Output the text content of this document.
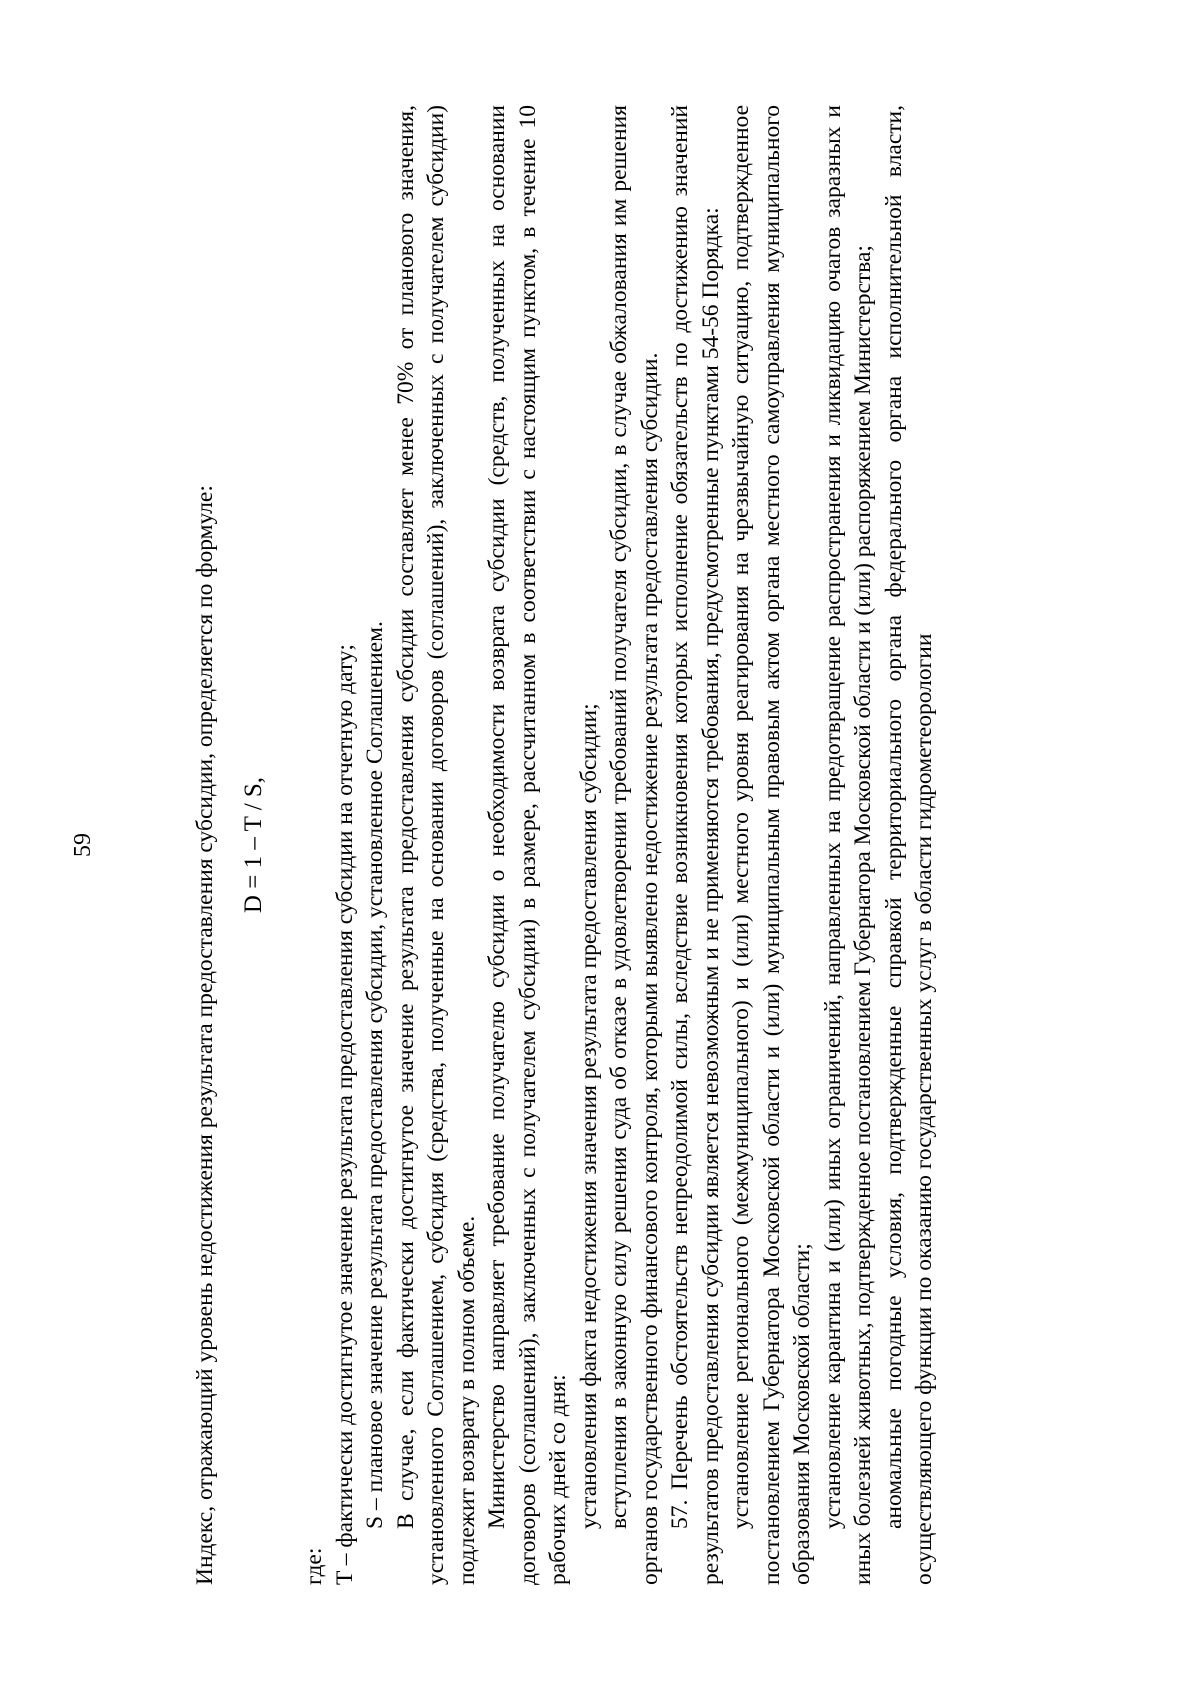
59	Индекс, отражающий уровень недостижения результата предоставления субсидии, определяется по формуле: D = 1 – T / S,

где: T – фактически достигнутое значение результата предоставления субсидии на отчетную дату; S – плановое значение результата предоставления субсидии, установленное Соглашением. В случае, если фактически достигнутое значение результата предоставления субсидии составляет менее 70% от планового значения, установленного Соглашением, субсидия (средства, полученные на основании договоров (соглашений), заключенных с получателем субсидии) подлежит возврату в полном объеме. Министерство направляет требование получателю субсидии о необходимости возврата субсидии (средств, полученных на основании договоров (соглашений), заключенных с получателем субсидии) в размере, рассчитанном в соответствии с настоящим пунктом, в течение 10 рабочих дней со дня: установления факта недостижения значения результата предоставления субсидии; вступления в законную силу решения суда об отказе в удовлетворении требований получателя субсидии, в случае обжалования им решения органов государственного финансового контроля, которыми выявлено недостижение результата предоставления субсидии. 57. Перечень обстоятельств непреодолимой силы, вследствие возникновения которых исполнение обязательств по достижению значений результатов предоставления субсидии является невозможным и не применяются требования, предусмотренные пунктами 54-56 Порядка: установление регионального (межмуниципального) и (или) местного уровня реагирования на чрезвычайную ситуацию, подтвержденное постановлением Губернатора Московской области и (или) муниципальным правовым актом органа местного самоуправления муниципального образования Московской области; установление карантина и (или) иных ограничений, направленных на предотвращение распространения и ликвидацию очагов заразных и иных болезней животных, подтвержденное постановлением Губернатора Московской области и (или) распоряжением Министерства; аномальные погодные условия, подтвержденные справкой территориального органа федерального органа исполнительной власти, осуществляющего функции по оказанию государственных услуг в области гидрометеорологии
